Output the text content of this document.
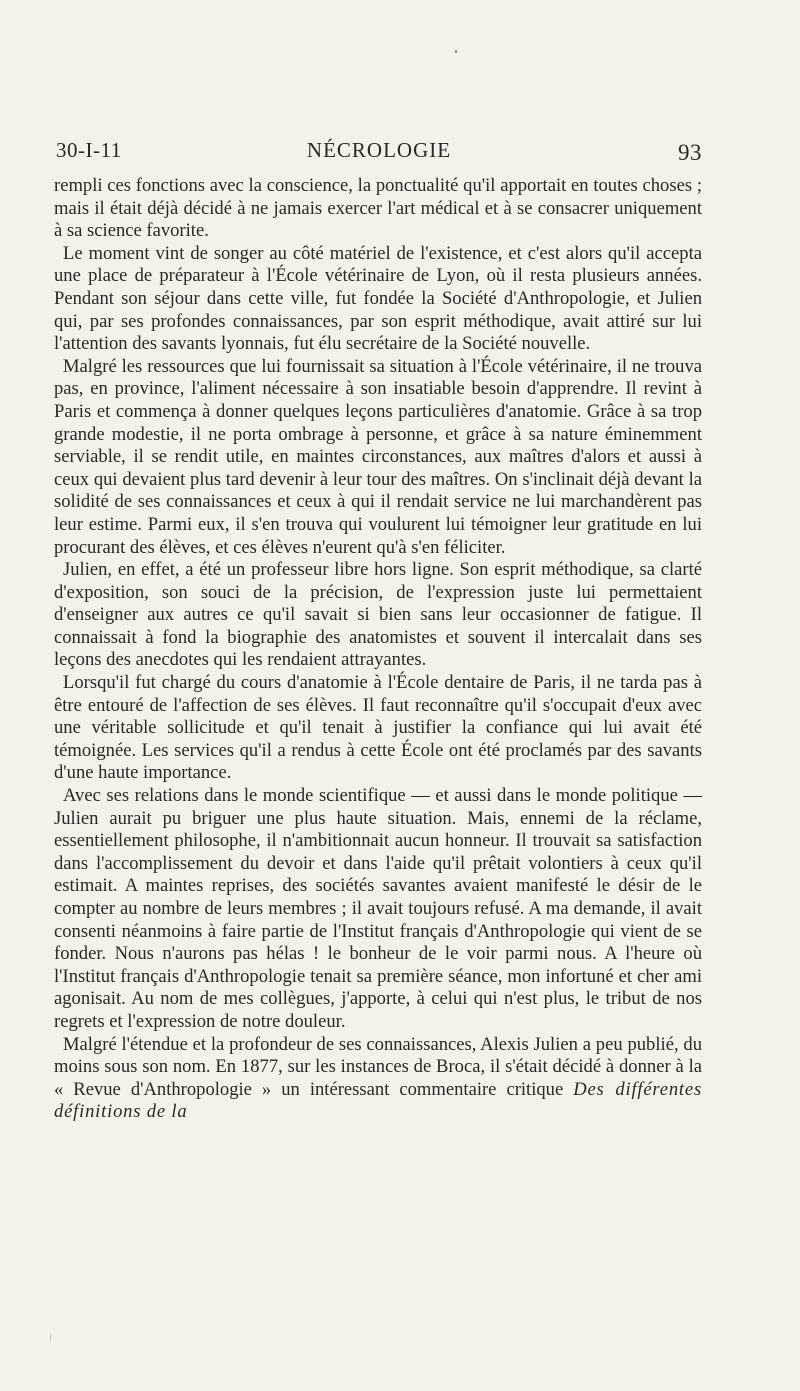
30-I-11	NÉCROLOGIE	93

rempli ces fonctions avec la conscience, la ponctualité qu'il apportait en toutes choses ; mais il était déjà décidé à ne jamais exercer l'art médical et à se consacrer uniquement à sa science favorite.

Le moment vint de songer au côté matériel de l'existence, et c'est alors qu'il accepta une place de préparateur à l'École vétérinaire de Lyon, où il resta plusieurs années. Pendant son séjour dans cette ville, fut fondée la Société d'Anthropologie, et Julien qui, par ses profondes connaissances, par son esprit méthodique, avait attiré sur lui l'attention des savants lyonnais, fut élu secrétaire de la Société nouvelle.

Malgré les ressources que lui fournissait sa situation à l'École vétérinaire, il ne trouva pas, en province, l'aliment nécessaire à son insatiable besoin d'apprendre. Il revint à Paris et commença à donner quelques leçons particulières d'anatomie. Grâce à sa trop grande modestie, il ne porta ombrage à personne, et grâce à sa nature éminemment serviable, il se rendit utile, en maintes circonstances, aux maîtres d'alors et aussi à ceux qui devaient plus tard devenir à leur tour des maîtres. On s'inclinait déjà devant la solidité de ses connaissances et ceux à qui il rendait service ne lui marchandèrent pas leur estime. Parmi eux, il s'en trouva qui voulurent lui témoigner leur gratitude en lui procurant des élèves, et ces élèves n'eurent qu'à s'en féliciter.

Julien, en effet, a été un professeur libre hors ligne. Son esprit méthodique, sa clarté d'exposition, son souci de la précision, de l'expression juste lui permettaient d'enseigner aux autres ce qu'il savait si bien sans leur occasionner de fatigue. Il connaissait à fond la biographie des anatomistes et souvent il intercalait dans ses leçons des anecdotes qui les rendaient attrayantes.

Lorsqu'il fut chargé du cours d'anatomie à l'École dentaire de Paris, il ne tarda pas à être entouré de l'affection de ses élèves. Il faut reconnaître qu'il s'occupait d'eux avec une véritable sollicitude et qu'il tenait à justifier la confiance qui lui avait été témoignée. Les services qu'il a rendus à cette École ont été proclamés par des savants d'une haute importance.

Avec ses relations dans le monde scientifique — et aussi dans le monde politique — Julien aurait pu briguer une plus haute situation. Mais, ennemi de la réclame, essentiellement philosophe, il n'ambitionnait aucun honneur. Il trouvait sa satisfaction dans l'accomplissement du devoir et dans l'aide qu'il prêtait volontiers à ceux qu'il estimait. A maintes reprises, des sociétés savantes avaient manifesté le désir de le compter au nombre de leurs membres ; il avait toujours refusé. A ma demande, il avait consenti néanmoins à faire partie de l'Institut français d'Anthropologie qui vient de se fonder. Nous n'aurons pas hélas ! le bonheur de le voir parmi nous. A l'heure où l'Institut français d'Anthropologie tenait sa première séance, mon infortuné et cher ami agonisait. Au nom de mes collègues, j'apporte, à celui qui n'est plus, le tribut de nos regrets et l'expression de notre douleur.

Malgré l'étendue et la profondeur de ses connaissances, Alexis Julien a peu publié, du moins sous son nom. En 1877, sur les instances de Broca, il s'était décidé à donner à la « Revue d'Anthropologie » un intéressant commentaire critique Des différentes définitions de la
